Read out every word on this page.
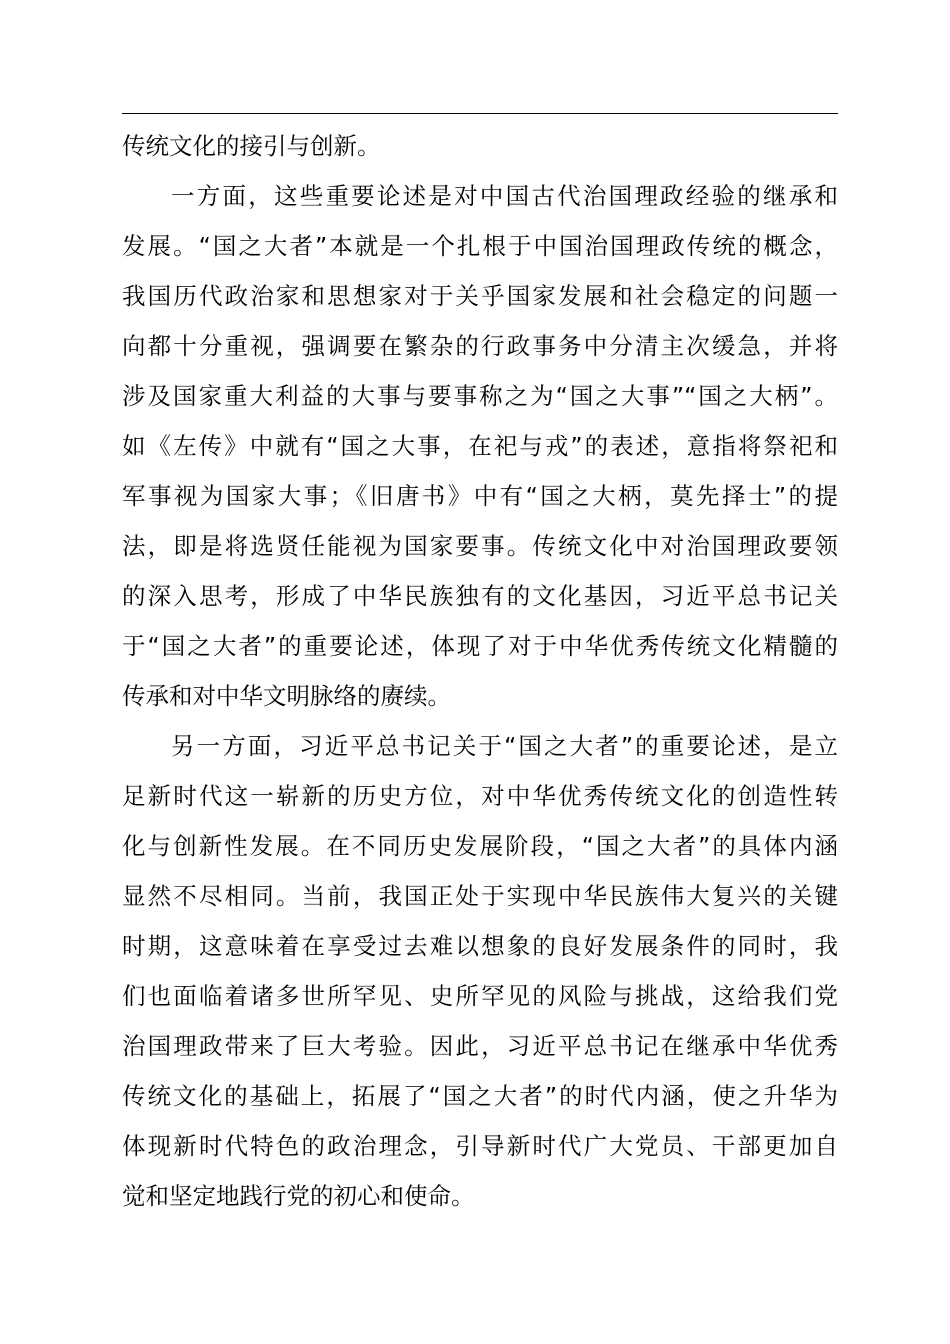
传统文化的接引与创新。
一方面，这些重要论述是对中国古代治国理政经验的继承和
发展。“国之大者”本就是一个扎根于中国治国理政传统的概念，
我国历代政治家和思想家对于关乎国家发展和社会稳定的问题一
向都十分重视，强调要在繁杂的行政事务中分清主次缓急，并将
涉及国家重大利益的大事与要事称之为“国之大事”“国之大柄”。
如《左传》中就有“国之大事，在祀与戎”的表述，意指将祭祀和
军事视为国家大事；《旧唐书》中有“国之大柄，莫先择士”的提
法，即是将选贤任能视为国家要事。传统文化中对治国理政要领
的深入思考，形成了中华民族独有的文化基因，习近平总书记关
于“国之大者”的重要论述，体现了对于中华优秀传统文化精髓的
传承和对中华文明脉络的赓续。
另一方面，习近平总书记关于“国之大者”的重要论述，是立
足新时代这一崭新的历史方位，对中华优秀传统文化的创造性转
化与创新性发展。在不同历史发展阶段，“国之大者”的具体内涵
显然不尽相同。当前，我国正处于实现中华民族伟大复兴的关键
时期，这意味着在享受过去难以想象的良好发展条件的同时，我
们也面临着诸多世所罕见、史所罕见的风险与挑战，这给我们党
治国理政带来了巨大考验。因此，习近平总书记在继承中华优秀
传统文化的基础上，拓展了“国之大者”的时代内涵，使之升华为
体现新时代特色的政治理念，引导新时代广大党员、干部更加自
觉和坚定地践行党的初心和使命。
